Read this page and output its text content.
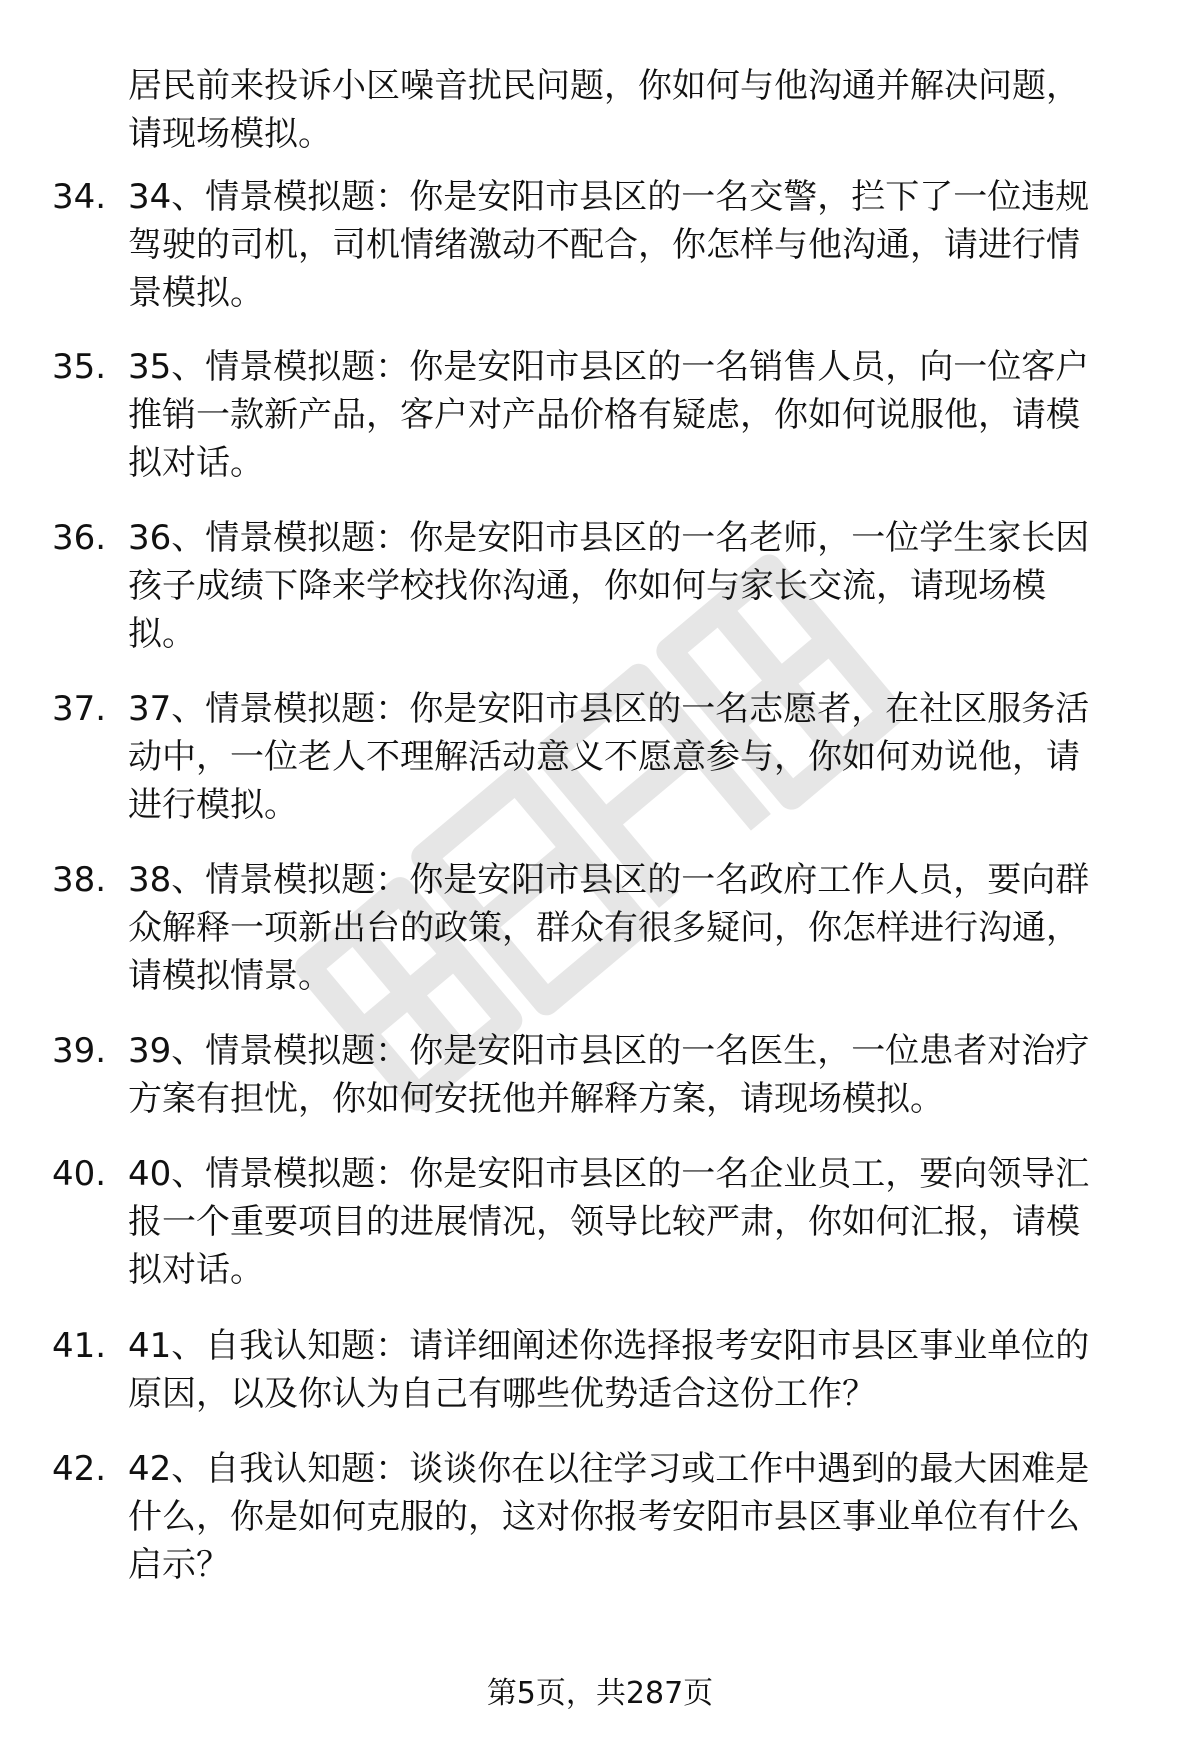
居民前来投诉小区噪音扰民问题，你如何与他沟通并解决问题，
请现场模拟。
34. 34、情景模拟题：你是安阳市县区的一名交警，拦下了一位违规
驾驶的司机，司机情绪激动不配合，你怎样与他沟通，请进行情
景模拟。
35. 35、情景模拟题：你是安阳市县区的一名销售人员，向一位客户
推销一款新产品，客户对产品价格有疑虑，你如何说服他，请模
拟对话。
36. 36、情景模拟题：你是安阳市县区的一名老师，一位学生家长因
孩子成绩下降来学校找你沟通，你如何与家长交流，请现场模
拟。
37. 37、情景模拟题：你是安阳市县区的一名志愿者，在社区服务活
动中，一位老人不理解活动意义不愿意参与，你如何劝说他，请
进行模拟。
38. 38、情景模拟题：你是安阳市县区的一名政府工作人员，要向群
众解释一项新出台的政策，群众有很多疑问，你怎样进行沟通，
请模拟情景。
39. 39、情景模拟题：你是安阳市县区的一名医生，一位患者对治疗
方案有担忧，你如何安抚他并解释方案，请现场模拟。
40. 40、情景模拟题：你是安阳市县区的一名企业员工，要向领导汇
报一个重要项目的进展情况，领导比较严肃，你如何汇报，请模
拟对话。
41. 41、自我认知题：请详细阐述你选择报考安阳市县区事业单位的
原因，以及你认为自己有哪些优势适合这份工作？
42. 42、自我认知题：谈谈你在以往学习或工作中遇到的最大困难是
什么，你是如何克服的，这对你报考安阳市县区事业单位有什么
启示？
第5页，共287页
